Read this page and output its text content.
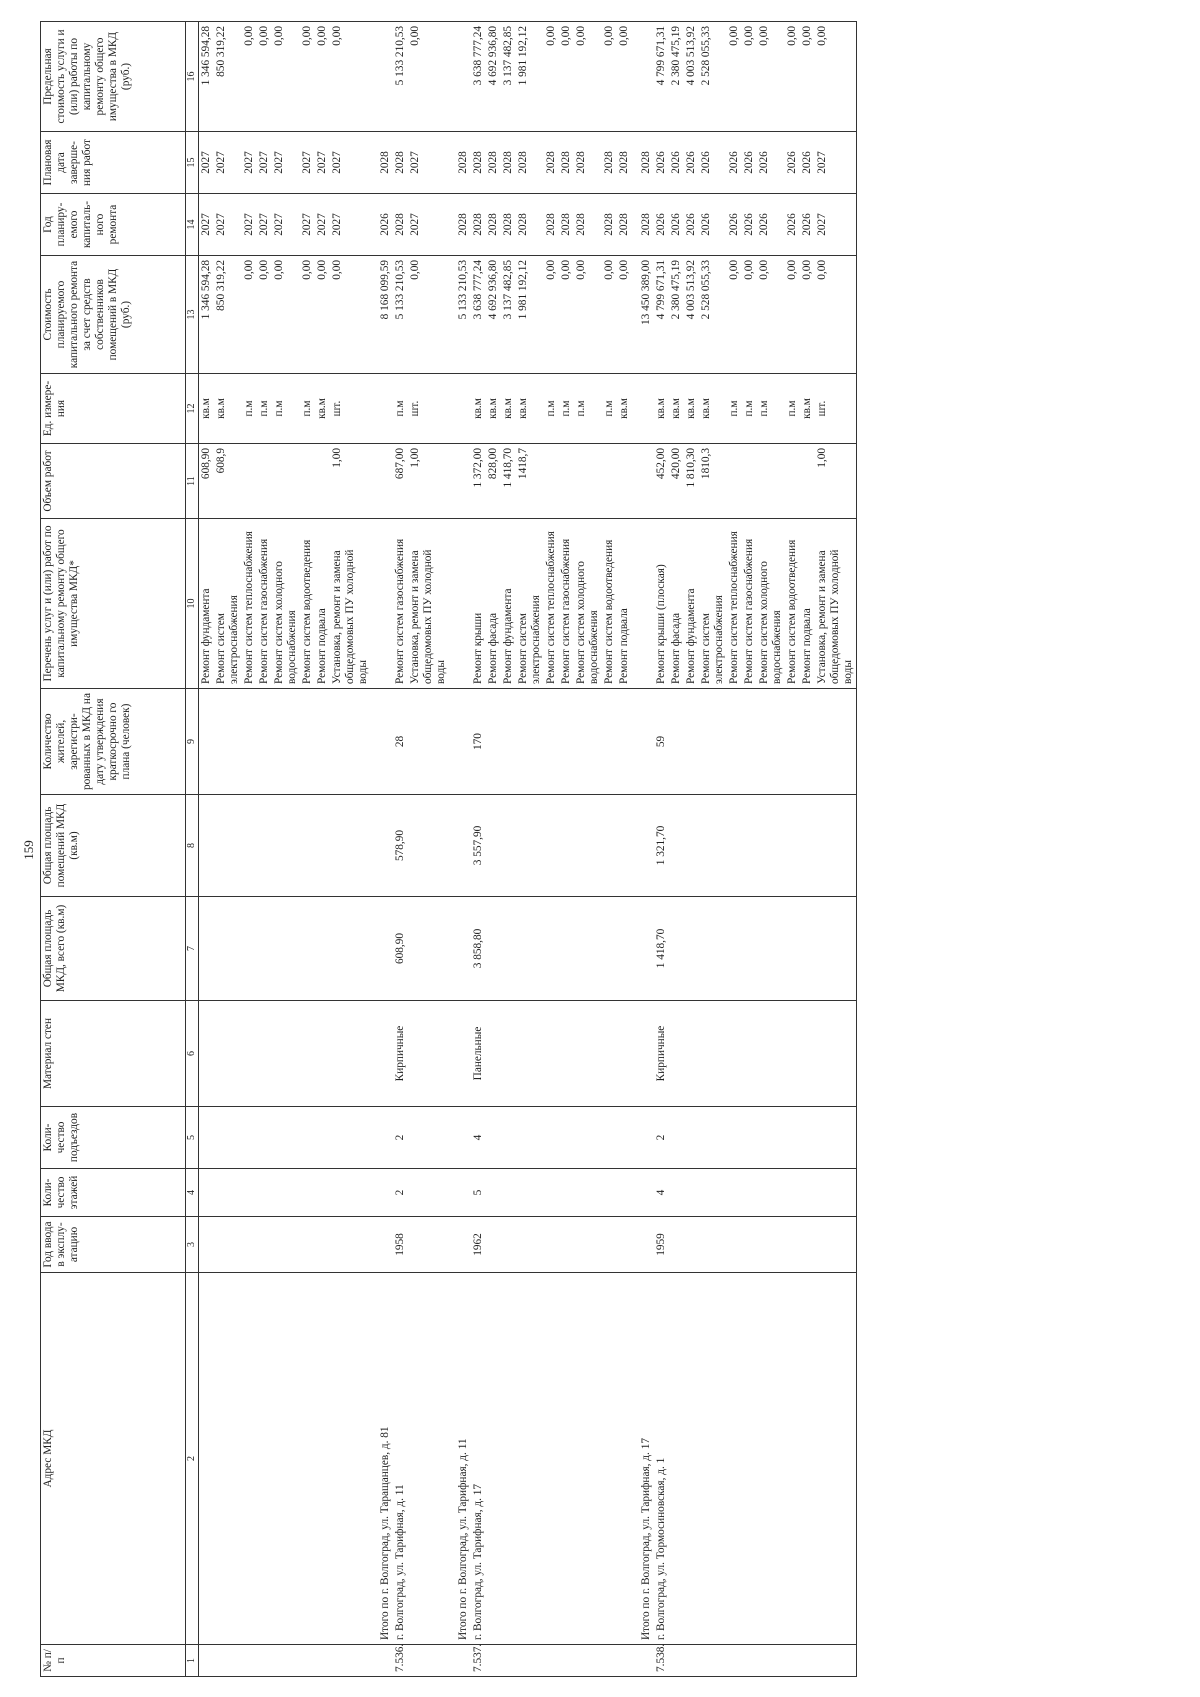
159
№ п/п	Адрес МКД	Год ввода в эксплу-атацию	Коли-чество этажей	Коли-чество подъездов	Материал стен	Общая площадь МКД, всего (кв.м)	Общая площадь помещений МКД (кв.м)	Количество жителей, зарегистри-рованных в МКД на дату утверждения краткосрочно го плана (человек)	Перечень услуг и (или) работ по капитальному ремонту общего имущества МКД*	Объем работ	Ед. измере-ния	Стоимость планируемого капитального ремонта за счет средств собственников помещений в МКД (руб.)	Год планиру-емого капиталь-ного ремонта	Плановая дата заверше-ния работ	Предельная стоимость услуги и (или) работы по капитальному ремонту общего имущества в МКД (руб.)
1	2	3	4	5	6	7	8	9	10	11	12	13	14	15	16
									Ремонт фундамента	608,90	кв.м	1 346 594,28	2027	2027	1 346 594,28
									Ремонт систем электроснабжения	608,9	кв.м	850 319,22	2027	2027	850 319,22
									Ремонт систем теплоснабжения		п.м	0,00	2027	2027	0,00
									Ремонт систем газоснабжения		п.м	0,00	2027	2027	0,00
									Ремонт систем холодного водоснабжения		п.м	0,00	2027	2027	0,00
									Ремонт систем водоотведения		п.м	0,00	2027	2027	0,00
									Ремонт подвала		кв.м	0,00	2027	2027	0,00
									Установка, ремонт и замена общедомовых ПУ холодной воды	1,00	шт.	0,00	2027	2027	0,00
	Итого по г. Волгоград, ул. Таращанцев, д. 81											8 168 099,59	2026	2028	
7.536.	г. Волгоград, ул. Тарифная, д. 11	1958	2	2	Кирпичные	608,90	578,90	28	Ремонт систем газоснабжения	687,00	п.м	5 133 210,53	2028	2028	5 133 210,53
									Установка, ремонт и замена общедомовых ПУ холодной воды	1,00	шт.	0,00	2027	2027	0,00
	Итого по г. Волгоград, ул. Тарифная, д. 11											5 133 210,53	2028	2028	
7.537.	г. Волгоград, ул. Тарифная, д. 17	1962	5	4	Панельные	3 858,80	3 557,90	170	Ремонт крыши	1 372,00	кв.м	3 638 777,24	2028	2028	3 638 777,24
									Ремонт фасада	828,00	кв.м	4 692 936,80	2028	2028	4 692 936,80
									Ремонт фундамента	1 418,70	кв.м	3 137 482,85	2028	2028	3 137 482,85
									Ремонт систем электроснабжения	1418,7	кв.м	1 981 192,12	2028	2028	1 981 192,12
									Ремонт систем теплоснабжения		п.м	0,00	2028	2028	0,00
									Ремонт систем газоснабжения		п.м	0,00	2028	2028	0,00
									Ремонт систем холодного водоснабжения		п.м	0,00	2028	2028	0,00
									Ремонт систем водоотведения		п.м	0,00	2028	2028	0,00
									Ремонт подвала		кв.м	0,00	2028	2028	0,00
	Итого по г. Волгоград, ул. Тарифная, д. 17											13 450 389,00	2028	2028	
7.538.	г. Волгоград, ул. Тормосиновская, д. 1	1959	4	2	Кирпичные	1 418,70	1 321,70	59	Ремонт крыши (плоская)	452,00	кв.м	4 799 671,31	2026	2026	4 799 671,31
									Ремонт фасада	420,00	кв.м	2 380 475,19	2026	2026	2 380 475,19
									Ремонт фундамента	1 810,30	кв.м	4 003 513,92	2026	2026	4 003 513,92
									Ремонт систем электроснабжения	1810,3	кв.м	2 528 055,33	2026	2026	2 528 055,33
									Ремонт систем теплоснабжения		п.м	0,00	2026	2026	0,00
									Ремонт систем газоснабжения		п.м	0,00	2026	2026	0,00
									Ремонт систем холодного водоснабжения		п.м	0,00	2026	2026	0,00
									Ремонт систем водоотведения		п.м	0,00	2026	2026	0,00
									Ремонт подвала		кв.м	0,00	2026	2026	0,00
									Установка, ремонт и замена общедомовых ПУ холодной воды	1,00	шт.	0,00	2027	2027	0,00
